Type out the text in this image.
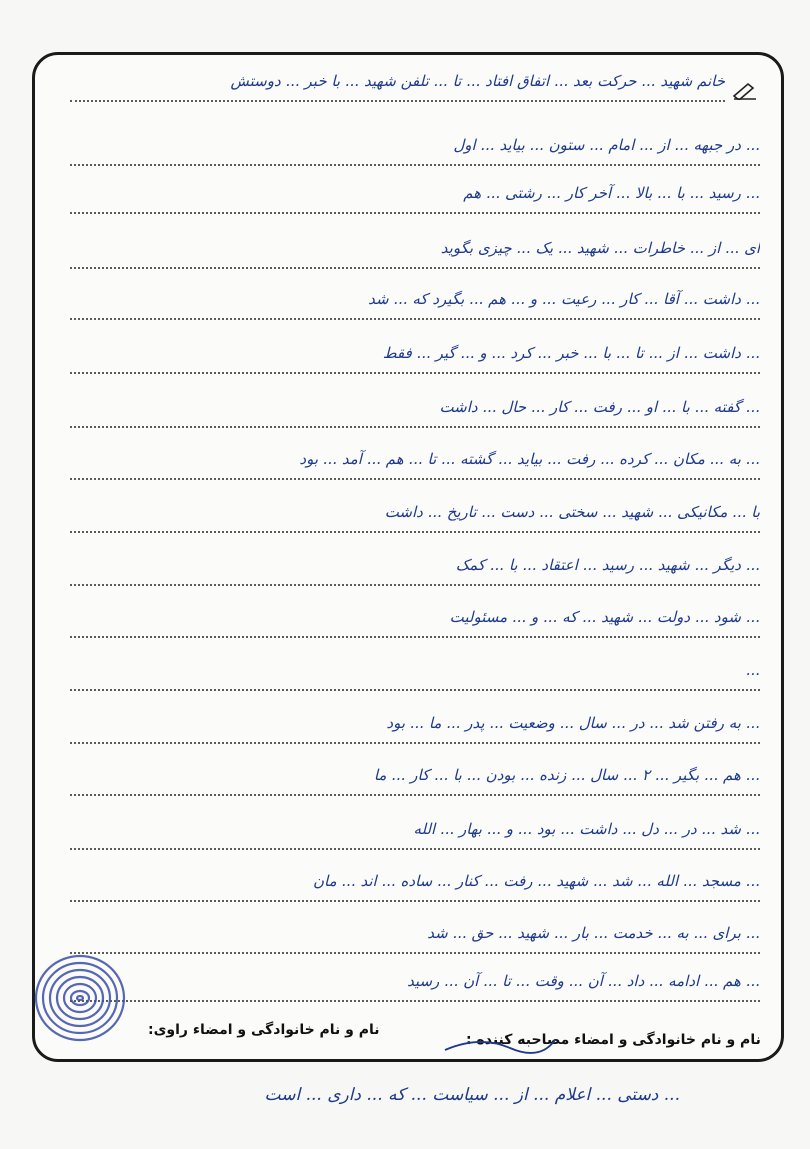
خانم شهید ... حرکت بعد ... اتفاق افتاد ... تا ... تلفن شهید ... با خبر ... دوستش
... در جبهه ... از ... امام ... ستون ... بیاید ... اول
... رسید ... با ... بالا ... آخر کار ... رشتی ... هم
ای ... از ... خاطرات ... شهید ... یک ... چیزی بگوید
... داشت ... آقا ... کار ... رعیت ... و ... هم ... بگیرد که ... شد
... داشت ... از ... تا ... با ... خبر ... کرد ... و ... گیر ... فقط
... گفته ... با ... او ... رفت ... کار ... حال ... داشت
... به ... مکان ... کرده ... رفت ... بیاید ... گشته ... تا ... هم ... آمد ... بود
با ... مکانیکی ... شهید ... سختی ... دست ... تاریخ ... داشت
... دیگر ... شهید ... رسید ... اعتقاد ... با ... کمک
... شود ... دولت ... شهید ... که ... و ... مسئولیت
...
... به رفتن شد ... در ... سال ... وضعیت ... پدر ... ما ... بود
... هم ... بگیر ... ۲ ... سال ... زنده ... بودن ... با ... کار ... ما
... شد ... در ... دل ... داشت ... بود ... و ... بهار ... الله
... مسجد ... الله ... شد ... شهید ... رفت ... کنار ... ساده ... اند ... مان
... برای ... به ... خدمت ... بار ... شهید ... حق ... شد
... هم ... ادامه ... داد ... آن ... وقت ... تا ... آن ... رسید
نام و نام خانوادگی و امضاء مصاحبه کننده :
نام و نام خانوادگی و امضاء راوی:
... دستی ... اعلام ... از ... سیاست ... که ... داری ... است
